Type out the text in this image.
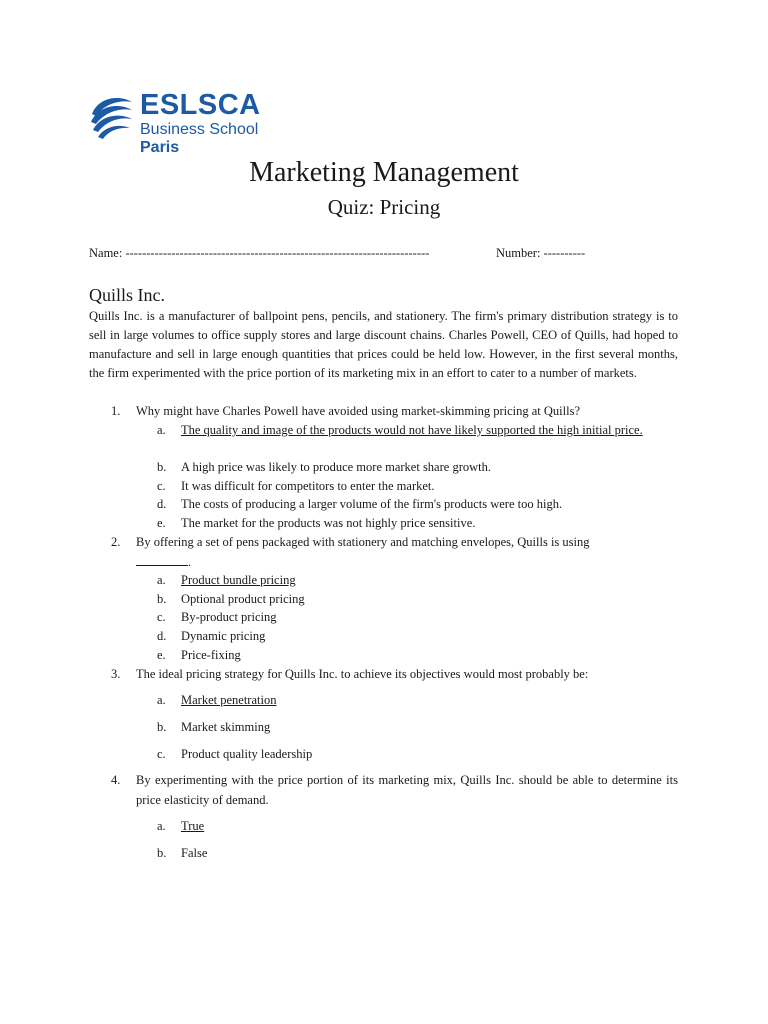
ESLSCA
Business School
Paris
Marketing Management
Quiz: Pricing
Name: -------------------------------------------------------------------------	Number: ----------
Quills Inc.
Quills Inc. is a manufacturer of ballpoint pens, pencils, and stationery. The firm's primary distribution strategy is to sell in large volumes to office supply stores and large discount chains. Charles Powell, CEO of Quills, had hoped to manufacture and sell in large enough quantities that prices could be held low. However, in the first several months, the firm experimented with the price portion of its marketing mix in an effort to cater to a number of markets.
1. Why might have Charles Powell have avoided using market-skimming pricing at Quills?
a. The quality and image of the products would not have likely supported the high initial price.
b. A high price was likely to produce more market share growth.
c. It was difficult for competitors to enter the market.
d. The costs of producing a larger volume of the firm's products were too high.
e. The market for the products was not highly price sensitive.
2. By offering a set of pens packaged with stationery and matching envelopes, Quills is using
.
a. Product bundle pricing
b. Optional product pricing
c. By-product pricing
d. Dynamic pricing
e. Price-fixing
3. The ideal pricing strategy for Quills Inc. to achieve its objectives would most probably be:
a. Market penetration
b. Market skimming
c. Product quality leadership
4. By experimenting with the price portion of its marketing mix, Quills Inc. should be able to determine its price elasticity of demand.
a. True
b. False
